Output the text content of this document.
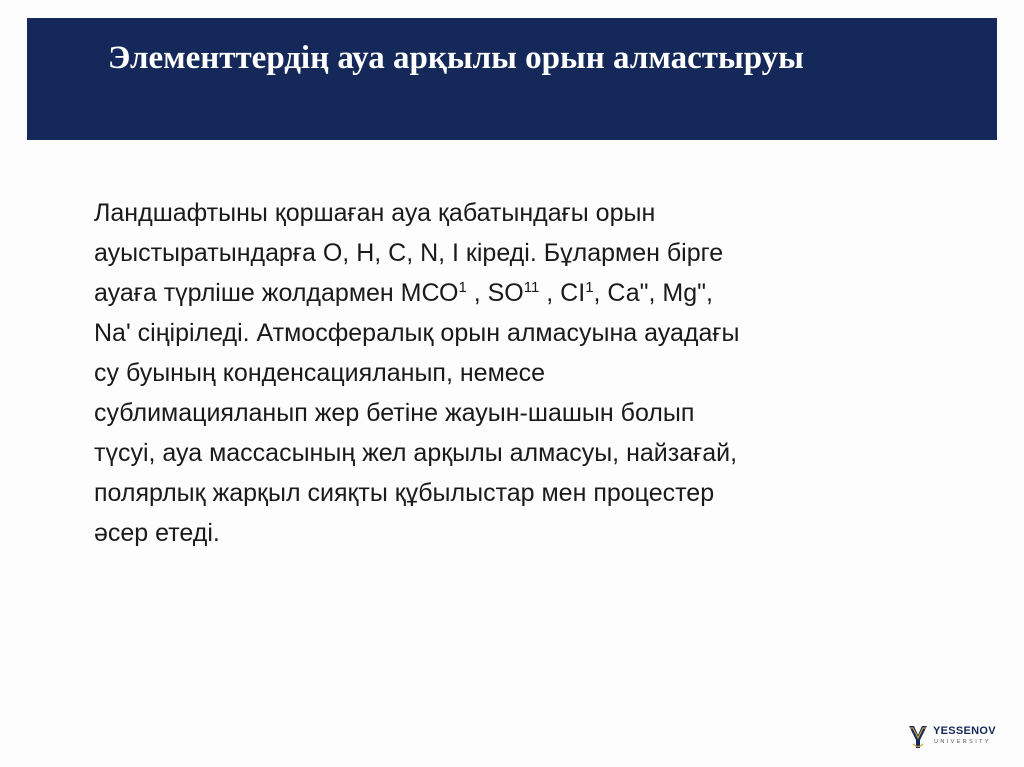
Элементтердің ауа арқылы орын алмастыруы
Ландшафтыны қоршаған ауа қабатындағы орын
ауыстыратындарға О, Н, С, N, І кіреді. Бұлармен бірге
ауаға түрліше жолдармен МСО$^1$ , SO$^{11}$ , $CI^1$, Са", Мg",
Na' сіңіріледі. Атмосфералық орын алмасуына ауадағы
су буының конденсацияланып, немесе
сублимацияланып жер бетіне жауын-шашын болып
түсуі, ауа массасының жел арқылы алмасуы, найзағай,
полярлық жарқыл сияқты құбылыстар мен процестер
әсер етеді.
YESSENOV
UNIVERSITY
